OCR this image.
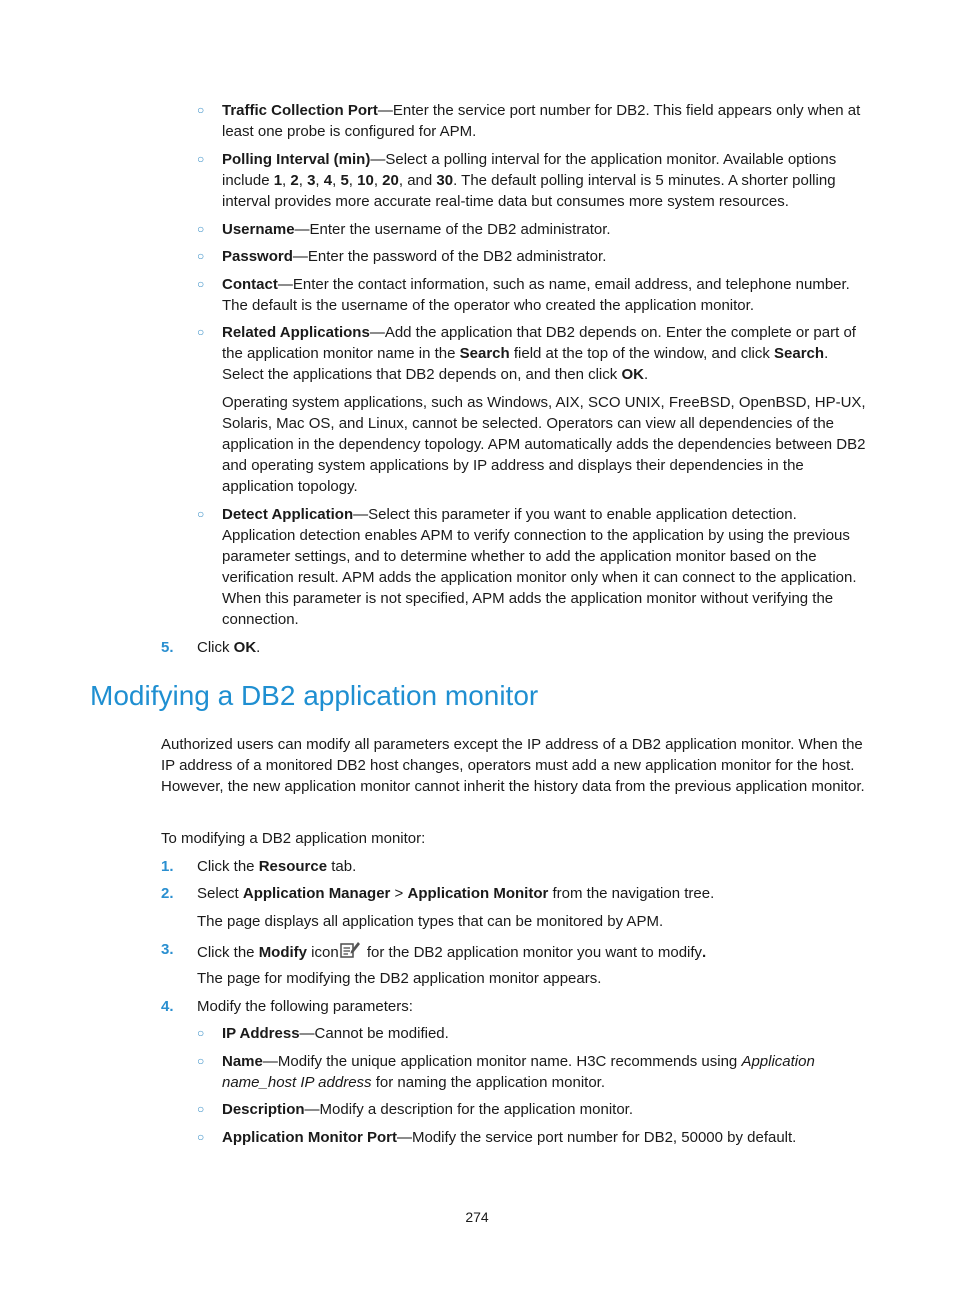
○ Traffic Collection Port—Enter the service port number for DB2. This field appears only when at least one probe is configured for APM.
○ Polling Interval (min)—Select a polling interval for the application monitor. Available options include 1, 2, 3, 4, 5, 10, 20, and 30. The default polling interval is 5 minutes. A shorter polling interval provides more accurate real-time data but consumes more system resources.
○ Username—Enter the username of the DB2 administrator.
○ Password—Enter the password of the DB2 administrator.
○ Contact—Enter the contact information, such as name, email address, and telephone number. The default is the username of the operator who created the application monitor.
○ Related Applications—Add the application that DB2 depends on. Enter the complete or part of the application monitor name in the Search field at the top of the window, and click Search. Select the applications that DB2 depends on, and then click OK.
Operating system applications, such as Windows, AIX, SCO UNIX, FreeBSD, OpenBSD, HP-UX, Solaris, Mac OS, and Linux, cannot be selected. Operators can view all dependencies of the application in the dependency topology. APM automatically adds the dependencies between DB2 and operating system applications by IP address and displays their dependencies in the application topology.
○ Detect Application—Select this parameter if you want to enable application detection. Application detection enables APM to verify connection to the application by using the previous parameter settings, and to determine whether to add the application monitor based on the verification result. APM adds the application monitor only when it can connect to the application. When this parameter is not specified, APM adds the application monitor without verifying the connection.
5. Click OK.
Modifying a DB2 application monitor
Authorized users can modify all parameters except the IP address of a DB2 application monitor. When the IP address of a monitored DB2 host changes, operators must add a new application monitor for the host. However, the new application monitor cannot inherit the history data from the previous application monitor.
To modifying a DB2 application monitor:
1. Click the Resource tab.
2. Select Application Manager > Application Monitor from the navigation tree.
The page displays all application types that can be monitored by APM.
3. Click the Modify icon for the DB2 application monitor you want to modify.
The page for modifying the DB2 application monitor appears.
4. Modify the following parameters:
○ IP Address—Cannot be modified.
○ Name—Modify the unique application monitor name. H3C recommends using Application name_host IP address for naming the application monitor.
○ Description—Modify a description for the application monitor.
○ Application Monitor Port—Modify the service port number for DB2, 50000 by default.
274
